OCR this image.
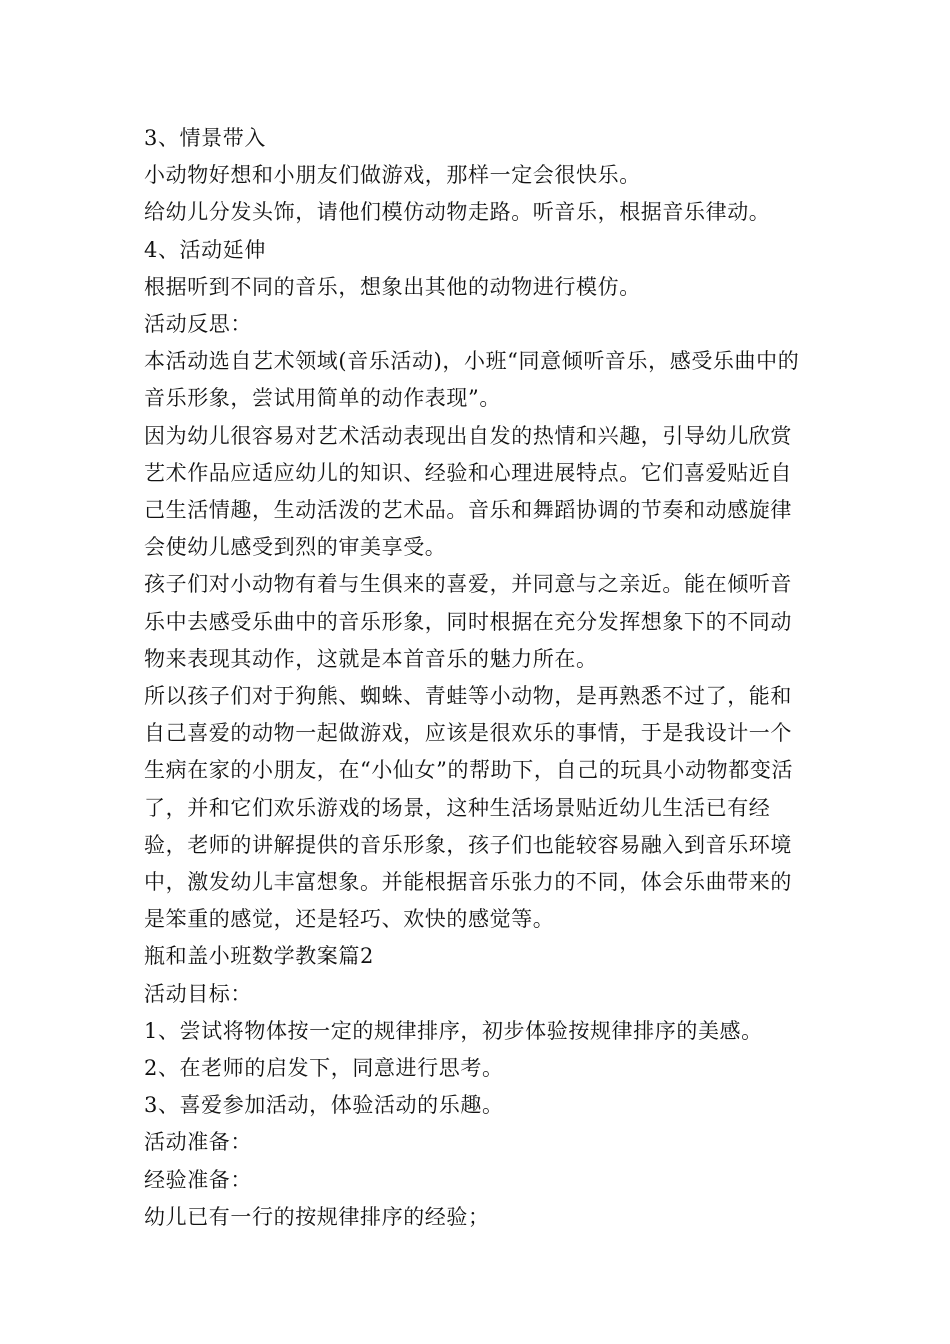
3、情景带入

小动物好想和小朋友们做游戏，那样一定会很快乐。

给幼儿分发头饰，请他们模仿动物走路。听音乐，根据音乐律动。

4、活动延伸

根据听到不同的音乐，想象出其他的动物进行模仿。

活动反思：

本活动选自艺术领域(音乐活动)，小班“同意倾听音乐，感受乐曲中的音乐形象，尝试用简单的动作表现”。

因为幼儿很容易对艺术活动表现出自发的热情和兴趣，引导幼儿欣赏艺术作品应适应幼儿的知识、经验和心理进展特点。它们喜爱贴近自己生活情趣，生动活泼的艺术品。音乐和舞蹈协调的节奏和动感旋律会使幼儿感受到烈的审美享受。

孩子们对小动物有着与生俱来的喜爱，并同意与之亲近。能在倾听音乐中去感受乐曲中的音乐形象，同时根据在充分发挥想象下的不同动物来表现其动作，这就是本首音乐的魅力所在。

所以孩子们对于狗熊、蜘蛛、青蛙等小动物，是再熟悉不过了，能和自己喜爱的动物一起做游戏，应该是很欢乐的事情，于是我设计一个生病在家的小朋友，在“小仙女”的帮助下，自己的玩具小动物都变活了，并和它们欢乐游戏的场景，这种生活场景贴近幼儿生活已有经验，老师的讲解提供的音乐形象，孩子们也能较容易融入到音乐环境中，激发幼儿丰富想象。并能根据音乐张力的不同，体会乐曲带来的是笨重的感觉，还是轻巧、欢快的感觉等。

瓶和盖小班数学教案篇2

活动目标：

1、尝试将物体按一定的规律排序，初步体验按规律排序的美感。

2、在老师的启发下，同意进行思考。

3、喜爱参加活动，体验活动的乐趣。

活动准备：

经验准备：

幼儿已有一行的按规律排序的经验；
